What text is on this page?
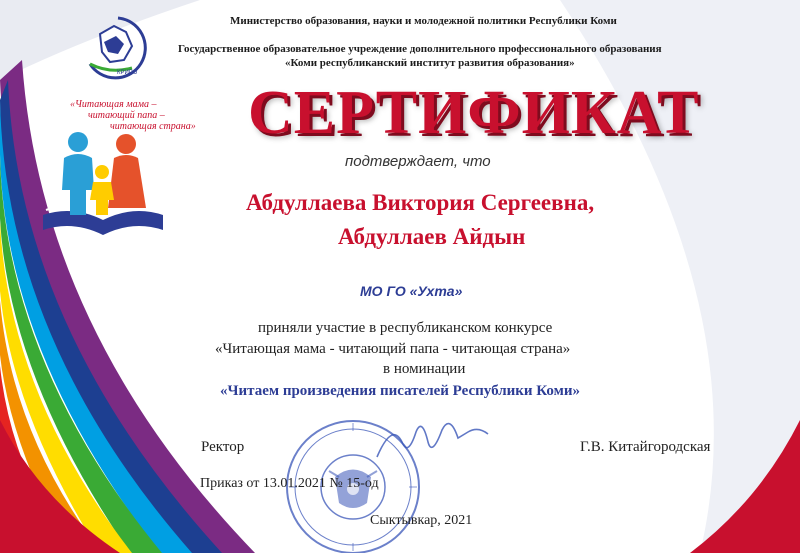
КРИРО
«Читающая мама –
читающий папа –
читающая страна»
Министерство образования, науки и молодежной политики Республики Коми
Государственное образовательное учреждение дополнительного профессионального образования
«Коми республиканский институт развития образования»
СЕРТИФИКАТ
подтверждает, что
Абдуллаева Виктория Сергеевна,
Абдуллаев Айдын
МО ГО «Ухта»
приняли участие в республиканском конкурсе
«Читающая мама - читающий папа - читающая страна»
в номинации
«Читаем произведения писателей Республики Коми»
Ректор	Г.В. Китайгородская
Приказ от 13.01.2021 № 15-од
Сыктывкар, 2021
